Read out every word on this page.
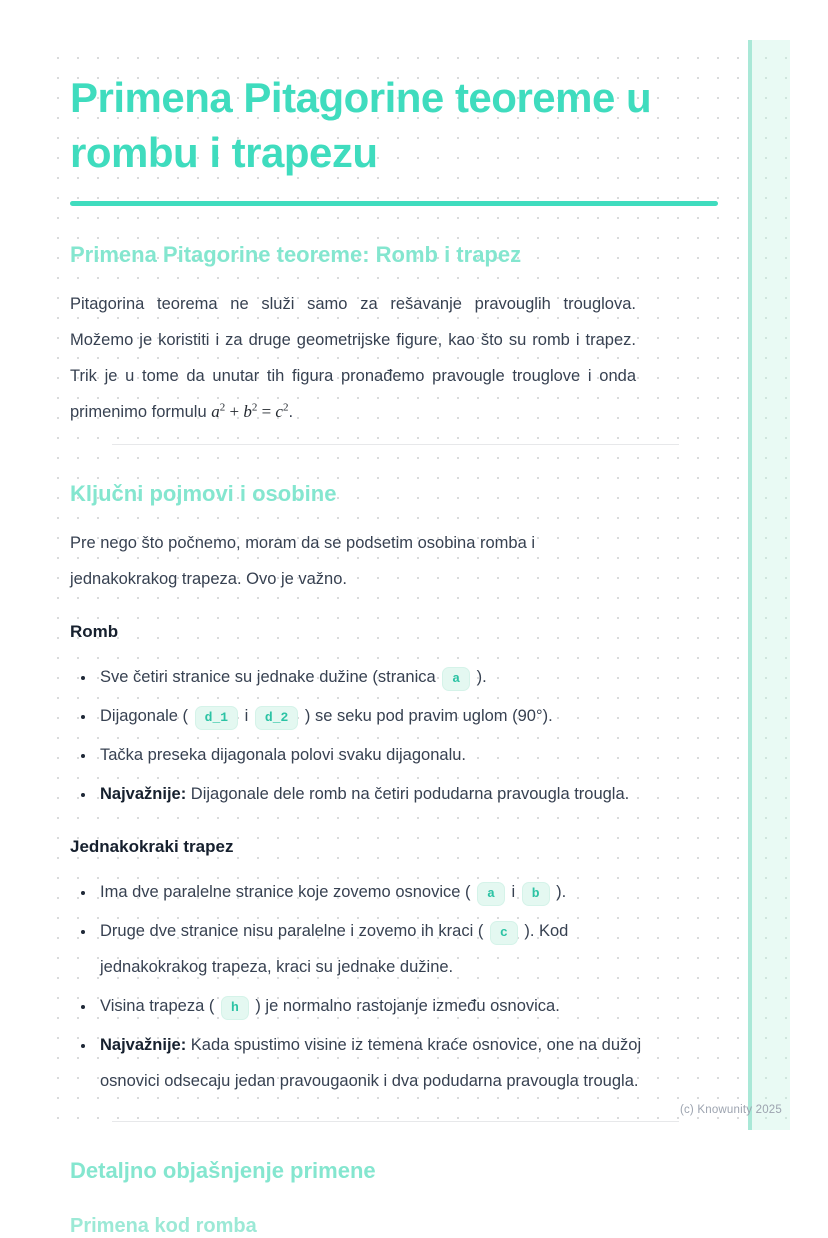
Primena Pitagorine teoreme u
rombu i trapezu
Primena Pitagorine teoreme: Romb i trapez

Pitagorina teorema ne služi samo za rešavanje pravouglih trouglova. Možemo je koristiti i za druge geometrijske figure, kao što su romb i trapez. Trik je u tome da unutar tih figura pronađemo pravougle trouglove i onda primenimo formulu $a^2 + b^2 = c^2$.

Ključni pojmovi i osobine

Pre nego što počnemo, moram da se podsetim osobina romba i jednakokrakog trapeza. Ovo je važno.

Romb
• Sve četiri stranice su jednake dužine (stranica a ).
• Dijagonale ( d_1 i d_2 ) se seku pod pravim uglom (90°).
• Tačka preseka dijagonala polovi svaku dijagonalu.
• Najvažnije: Dijagonale dele romb na četiri podudarna pravougla trougla.
Jednakokraki trapez
• Ima dve paralelne stranice koje zovemo osnovice ( a i b ).
• Druge dve stranice nisu paralelne i zovemo ih kraci ( c ). Kod jednakokrakog trapeza, kraci su jednake dužine.
• Visina trapeza ( h ) je normalno rastojanje između osnovica.
• Najvažnije: Kada spustimo visine iz temena kraće osnovice, one na dužoj osnovici odsecaju jedan pravougaonik i dva podudarna pravougla trougla.
Detaljno objašnjenje primene
Primena kod romba
(c) Knowunity 2025
